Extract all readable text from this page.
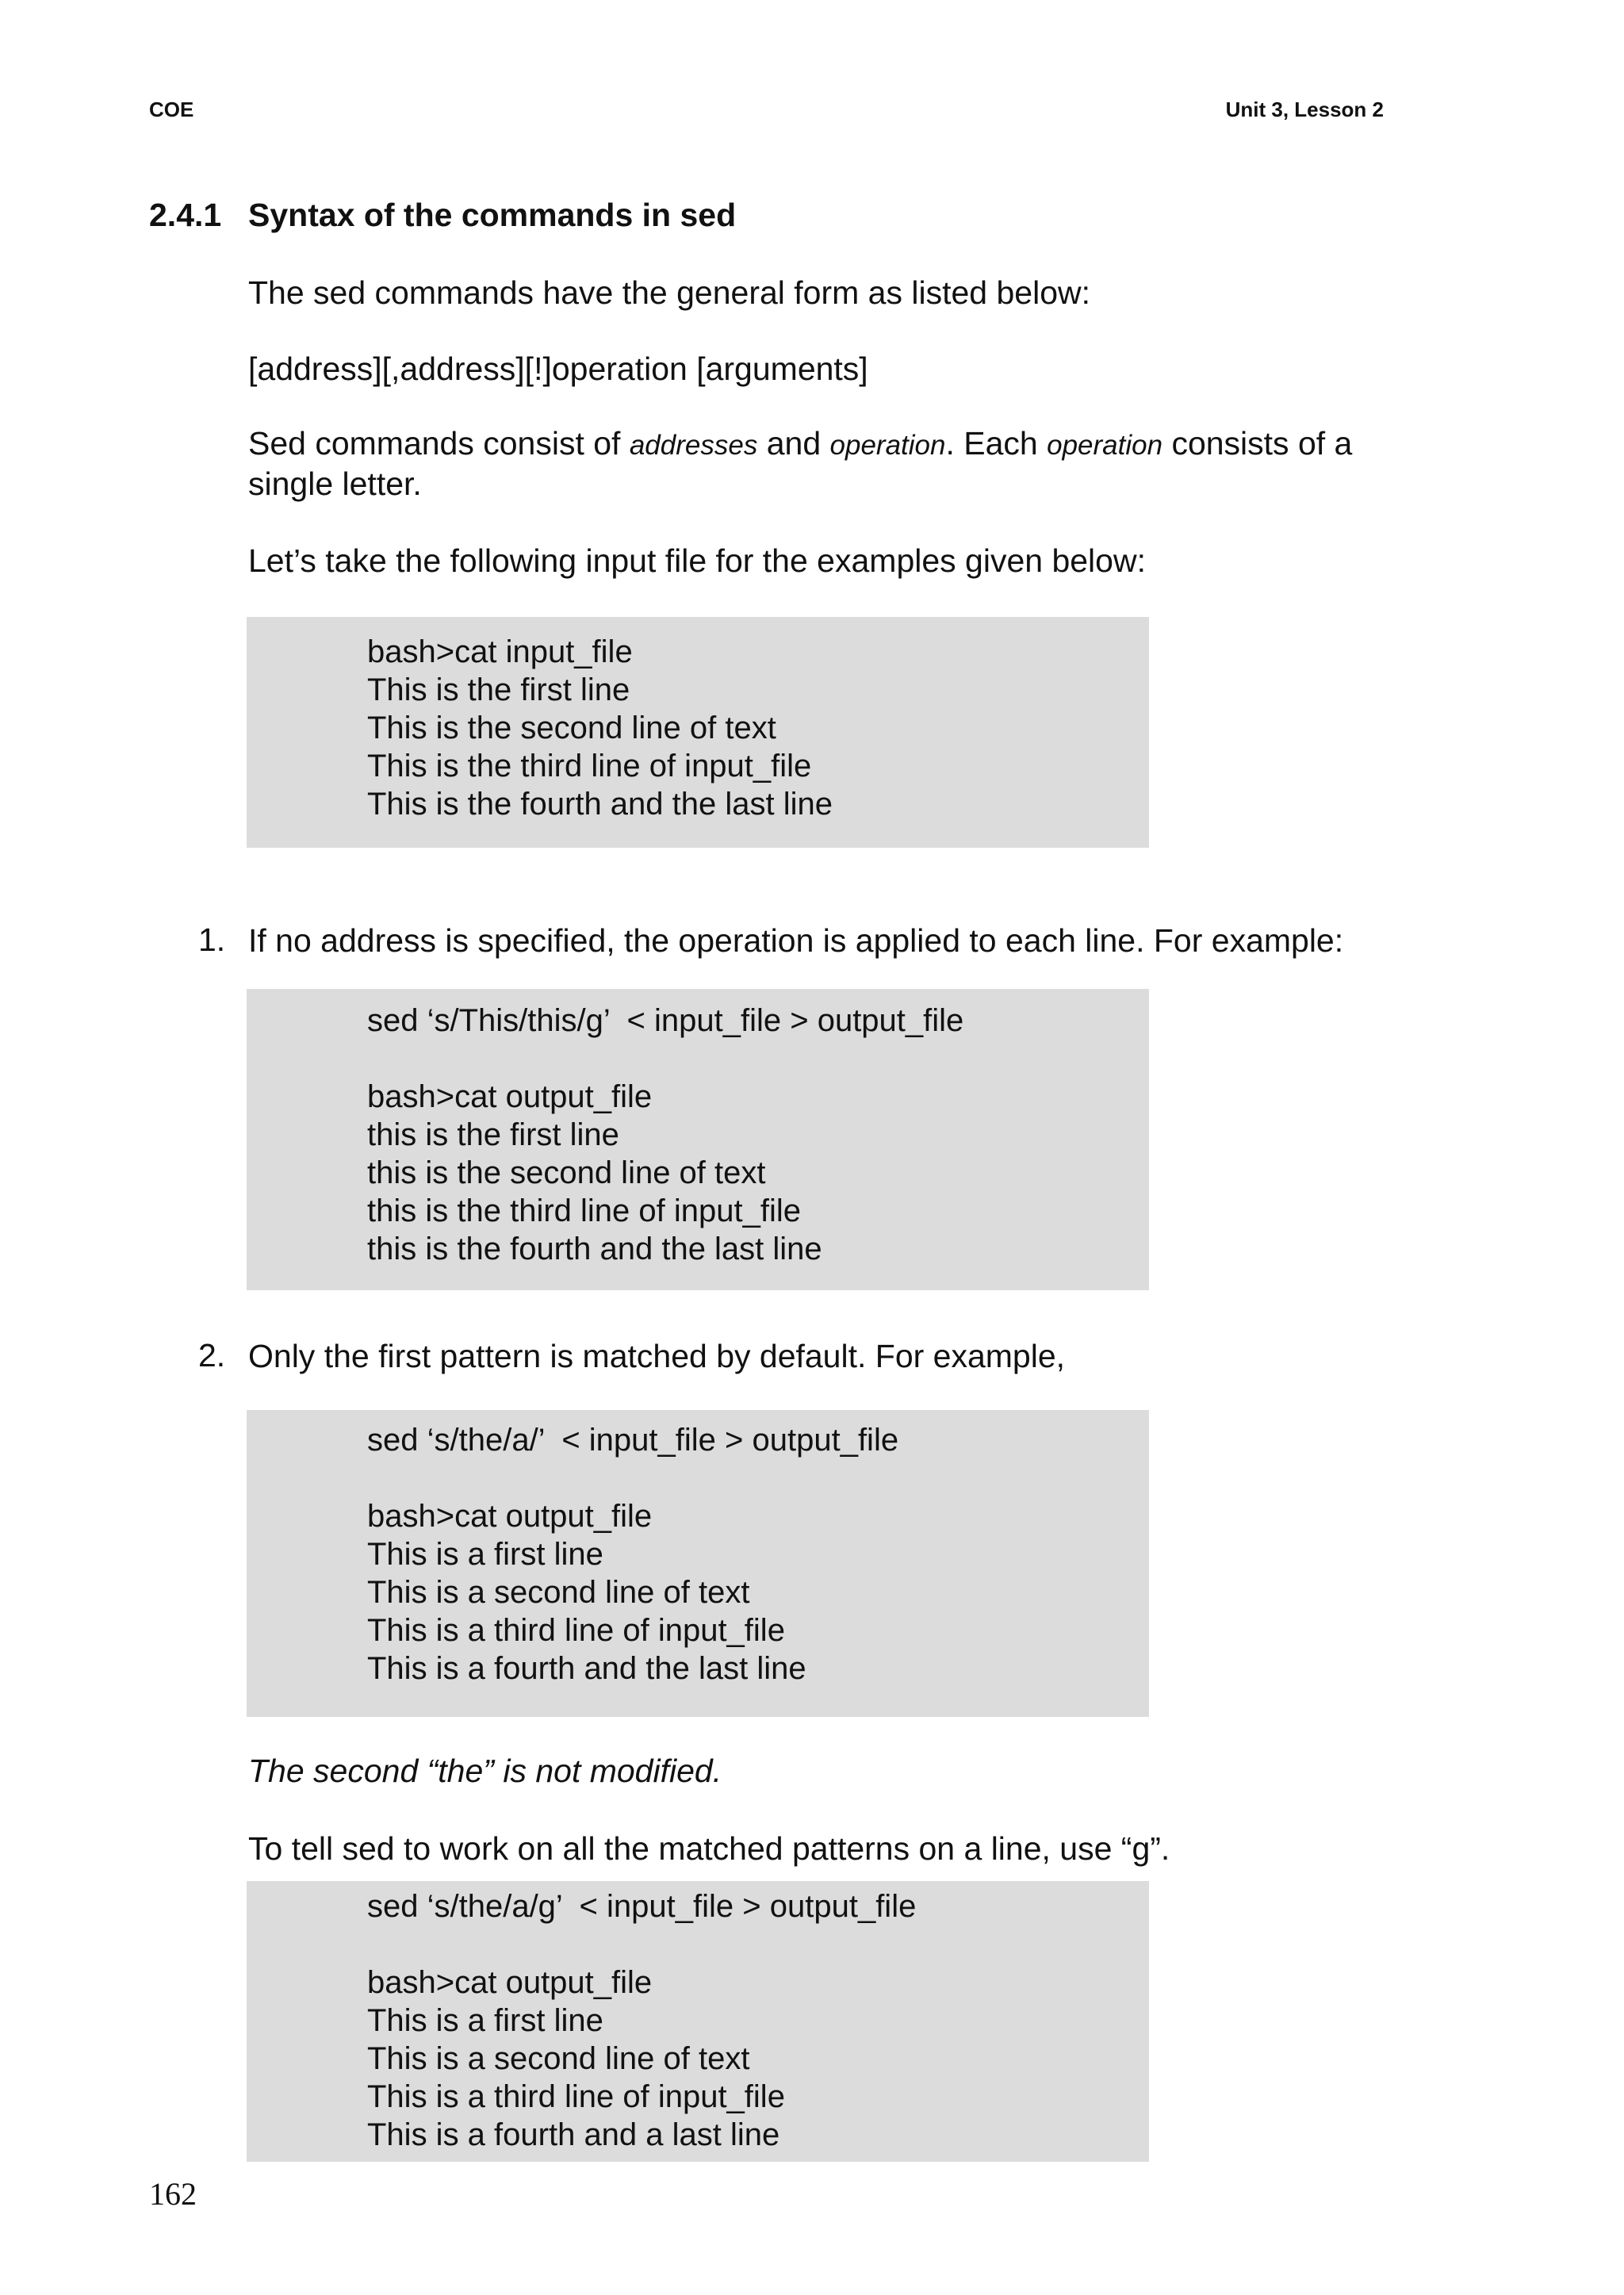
COE	Unit 3, Lesson 2
2.4.1 Syntax of the commands in sed
The sed commands have the general form as listed below:
[address][,address][!]operation [arguments]
Sed commands consist of addresses and operation. Each operation consists of a single letter.
Let’s take the following input file for the examples given below:
bash>cat input_file
This is the first line
This is the second line of text
This is the third line of input_file
This is the fourth and the last line
1. If no address is specified, the operation is applied to each line. For example:
sed ‘s/This/this/g’  < input_file > output_file
bash>cat output_file
this is the first line
this is the second line of text
this is the third line of input_file
this is the fourth and the last line
2. Only the first pattern is matched by default. For example,
sed ‘s/the/a/’  < input_file > output_file
bash>cat output_file
This is a first line
This is a second line of text
This is a third line of input_file
This is a fourth and the last line
The second “the” is not modified.
To tell sed to work on all the matched patterns on a line, use “g”.
sed ‘s/the/a/g’  < input_file > output_file
bash>cat output_file
This is a first line
This is a second line of text
This is a third line of input_file
This is a fourth and a last line
162
